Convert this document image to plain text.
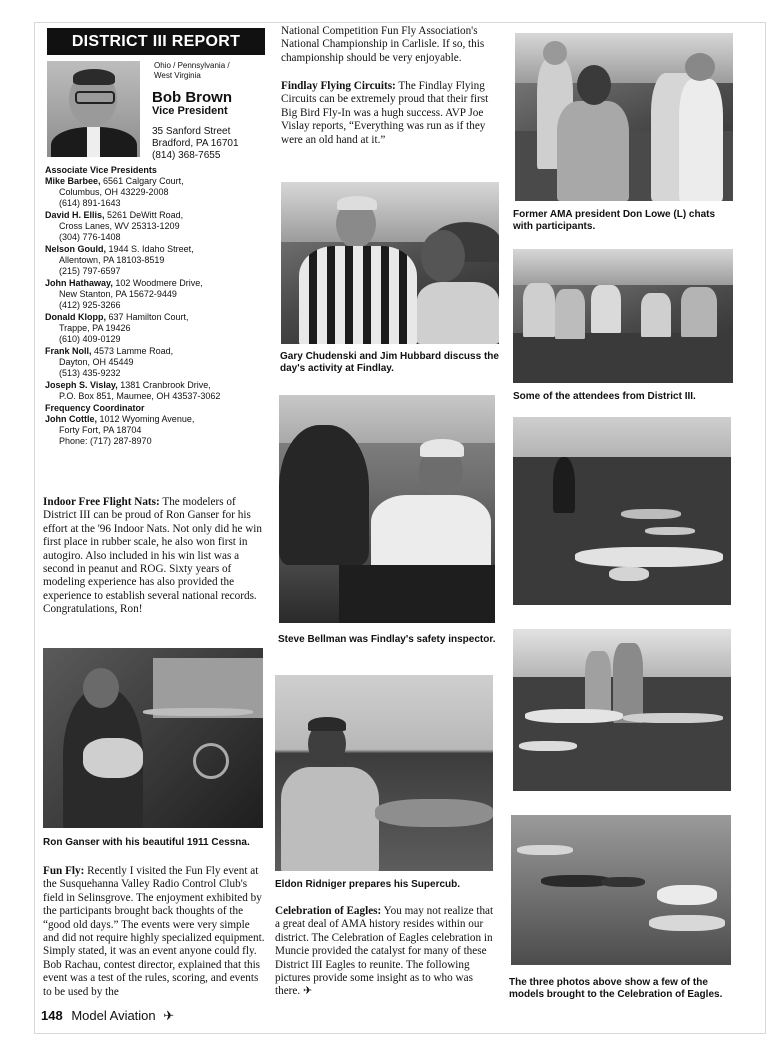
DISTRICT III REPORT
Ohio / Pennsylvania /
West Virginia
Bob Brown
Vice President
35 Sanford Street
Bradford, PA 16701
(814) 368-7655
Associate Vice Presidents
Mike Barbee, 6561 Calgary Court,
Columbus, OH 43229-2008
(614) 891-1643
David H. Ellis, 5261 DeWitt Road,
Cross Lanes, WV 25313-1209
(304) 776-1408
Nelson Gould, 1944 S. Idaho Street,
Allentown, PA 18103-8519
(215) 797-6597
John Hathaway, 102 Woodmere Drive,
New Stanton, PA 15672-9449
(412) 925-3266
Donald Klopp, 637 Hamilton Court,
Trappe, PA 19426
(610) 409-0129
Frank Noll, 4573 Lamme Road,
Dayton, OH 45449
(513) 435-9232
Joseph S. Vislay, 1381 Cranbrook Drive,
P.O. Box 851, Maumee, OH 43537-3062
Frequency Coordinator
John Cottle, 1012 Wyoming Avenue,
Forty Fort, PA 18704
Phone: (717) 287-8970
Indoor Free Flight Nats: The modelers of District III can be proud of Ron Ganser for his effort at the '96 Indoor Nats. Not only did he win first place in rubber scale, he also won first in autogiro. Also included in his win list was a second in peanut and ROG. Sixty years of modeling experience has also provided the experience to establish several national records. Congratulations, Ron!
Ron Ganser with his beautiful 1911 Cessna.
Fun Fly: Recently I visited the Fun Fly event at the Susquehanna Valley Radio Control Club's field in Selinsgrove. The enjoyment exhibited by the participants brought back thoughts of the “good old days.” The events were very simple and did not require highly specialized equipment. Simply stated, it was an event anyone could fly. Bob Rachau, contest director, explained that this event was a test of the rules, scoring, and events to be used by the
National Competition Fun Fly Association's National Championship in Carlisle. If so, this championship should be very enjoyable.
Findlay Flying Circuits: The Findlay Flying Circuits can be extremely proud that their first Big Bird Fly-In was a hugh success. AVP Joe Vislay reports, “Everything was run as if they were an old hand at it.”
Gary Chudenski and Jim Hubbard discuss the day's activity at Findlay.
Steve Bellman was Findlay's safety inspector.
Eldon Ridniger prepares his Supercub.
Celebration of Eagles: You may not realize that a great deal of AMA history resides within our district. The Celebration of Eagles celebration in Muncie provided the catalyst for many of these District III Eagles to reunite. The following pictures provide some insight as to who was there. ✈
Former AMA president Don Lowe (L) chats with participants.
Some of the attendees from District III.
The three photos above show a few of the models brought to the Celebration of Eagles.
148 Model Aviation ✈
